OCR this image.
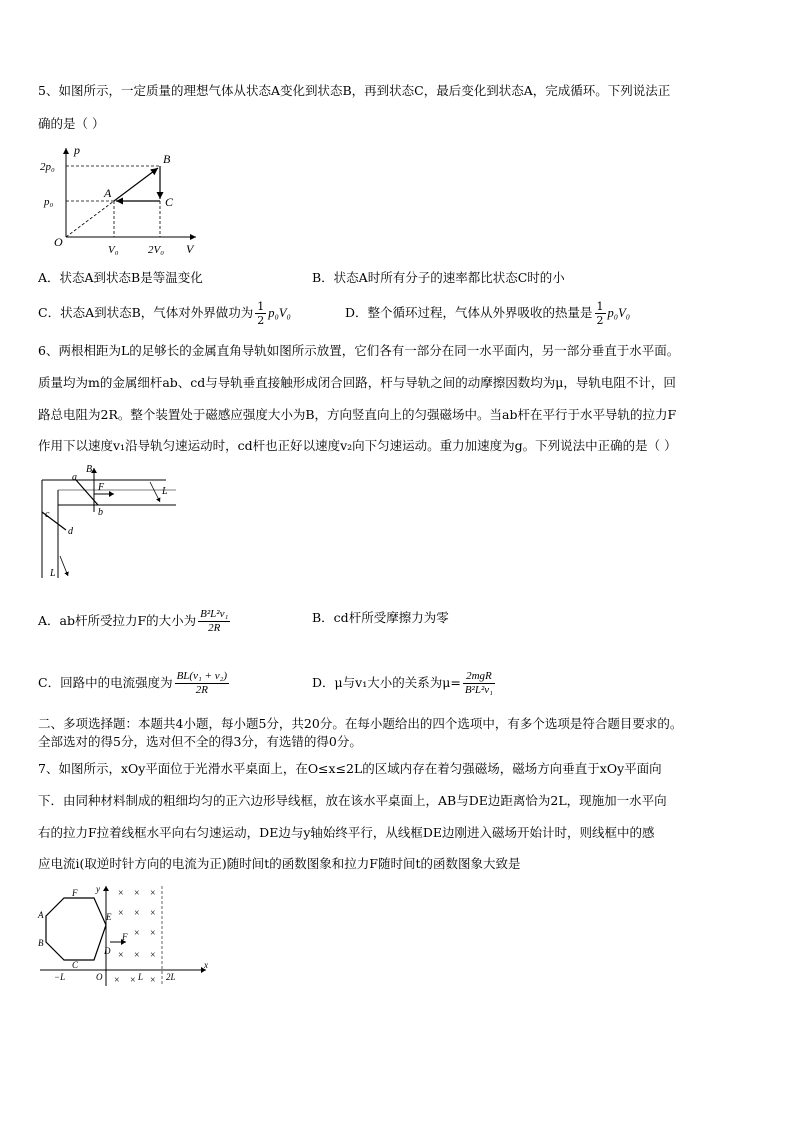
5、如图所示，一定质量的理想气体从状态A变化到状态B，再到状态C，最后变化到状态A，完成循环。下列说法正
确的是（ ）
p
V
O
2p₀
p₀
V₀	2V₀
A
B
C
A．状态A到状态B是等温变化	B．状态A时所有分子的速率都比状态C时的小
C．状态A到状态B，气体对外界做功为 $\frac{1}{2} p_0V_0$	D．整个循环过程，气体从外界吸收的热量是 $\frac{1}{2} p_0V_0$
6、两根相距为L的足够长的金属直角导轨如图所示放置，它们各有一部分在同一水平面内，另一部分垂直于水平面。
质量均为m的金属细杆ab、cd与导轨垂直接触形成闭合回路，杆与导轨之间的动摩擦因数均为μ，导轨电阻不计，回
路总电阻为2R。整个装置处于磁感应强度大小为B，方向竖直向上的匀强磁场中。当ab杆在平行于水平导轨的拉力F
作用下以速度v₁沿导轨匀速运动时，cd杆也正好以速度v₂向下匀速运动。重力加速度为g。下列说法中正确的是（ ）
B
a
b
F
c
d
L
L
A．ab杆所受拉力F的大小为 $\frac{\text{B²L²v₁}}{2R}$	B．cd杆所受摩擦力为零
C．回路中的电流强度为 $\frac{\text{BL(v₁ + v₂)}}{2R}$	D．μ与v₁大小的关系为$\mu= \frac{\text{2mgR}}{\text{B²L²v₁}}$
二、多项选择题：本题共4小题，每小题5分，共20分。在每小题给出的四个选项中，有多个选项是符合题目要求的。
全部选对的得5分，选对但不全的得3分，有选错的得0分。
7、如图所示，xOy平面位于光滑水平桌面上，在O≤x≤2L的区域内存在着匀强磁场，磁场方向垂直于xOy平面向
下．由同种材料制成的粗细均匀的正六边形导线框，放在该水平桌面上，AB与DE边距离恰为2L，现施加一水平向
右的拉力F拉着线框水平向右匀速运动，DE边与y轴始终平行，从线框DE边刚进入磁场开始计时，则线框中的感
应电流i(取逆时针方向的电流为正)随时间t的函数图象和拉力F随时间t的函数图象大致是
× × ×
× × ×
× ×
× × ×
× × ×
y
x
O
F
E
A
B
C
D
F
−L	L	2L
